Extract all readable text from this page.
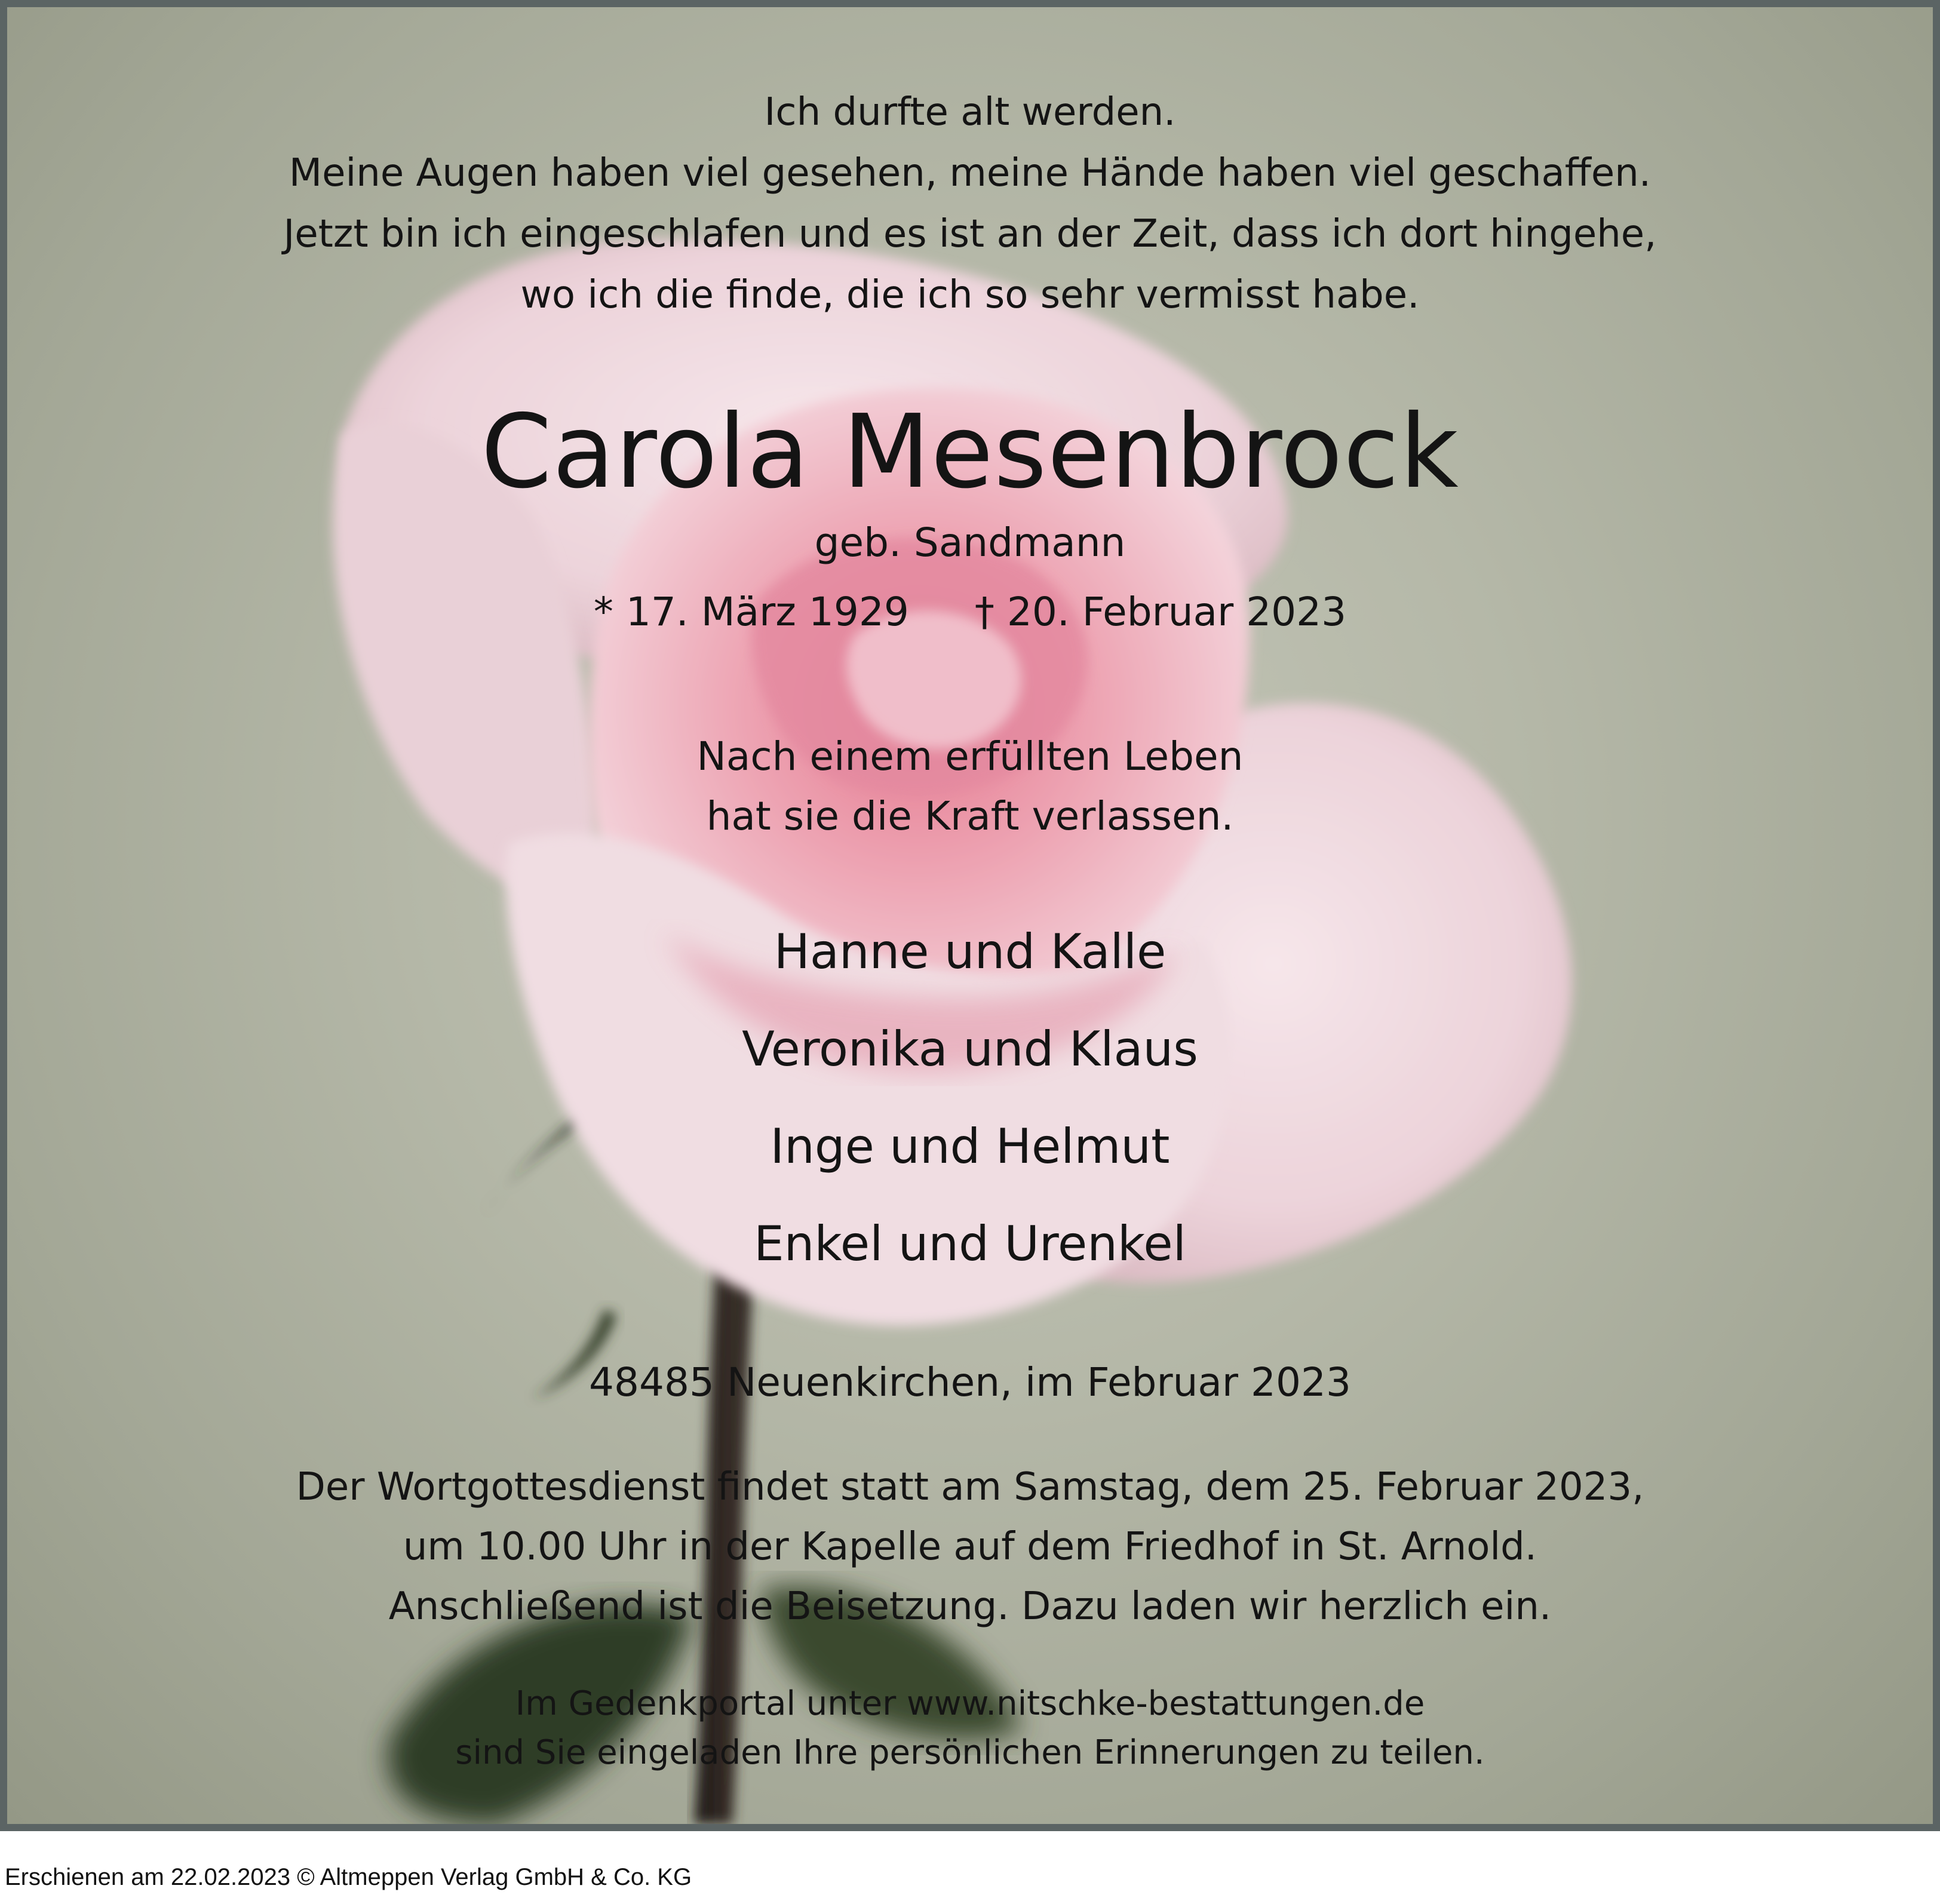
Ich durfte alt werden.
Meine Augen haben viel gesehen, meine Hände haben viel geschaffen.
Jetzt bin ich eingeschlafen und es ist an der Zeit, dass ich dort hingehe,
wo ich die finde, die ich so sehr vermisst habe.
Carola Mesenbrock
geb. Sandmann
* 17. März 1929 † 20. Februar 2023
Nach einem erfüllten Leben
hat sie die Kraft verlassen.
Hanne und Kalle
Veronika und Klaus
Inge und Helmut
Enkel und Urenkel
48485 Neuenkirchen, im Februar 2023
Der Wortgottesdienst findet statt am Samstag, dem 25. Februar 2023,
um 10.00 Uhr in der Kapelle auf dem Friedhof in St. Arnold.
Anschließend ist die Beisetzung. Dazu laden wir herzlich ein.
Im Gedenkportal unter www.nitschke-bestattungen.de
sind Sie eingeladen Ihre persönlichen Erinnerungen zu teilen.
Erschienen am 22.02.2023 © Altmeppen Verlag GmbH & Co. KG
